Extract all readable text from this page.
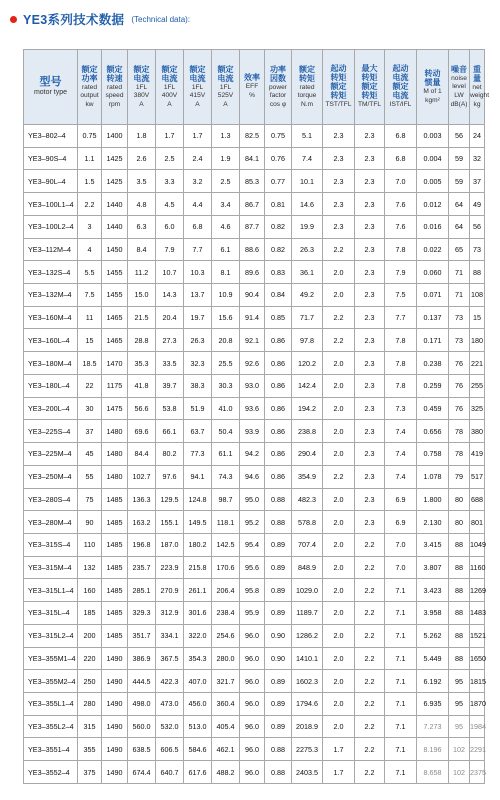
YE3系列技术数据 (Technical data):
型号
motor type	额定
功率
rated
output
kw	额定
转速
rated
speed
rpm	额定
电流
1FL
380V
A	额定
电流
1FL
400V
A	额定
电流
1FL
415V
A	额定
电流
1FL
525V
A	效率
EFF
%	功率
因数
power
factor
cos φ	额定
转矩
rated
torque
N.m	起动
转矩
额定
转矩
TST/TFL	最大
转矩
额定
转矩
TM/TFL	起动
电流
额定
电流
IST/IFL	转动
惯量
M of 1
kgm²	噪音
noise
level
LW
dB(A)	重量
net
weight
kg

YE3–802–4	0.75	1400	1.8	1.7	1.7	1.3	82.5	0.75	5.1	2.3	2.3	6.8	0.003	56	24
YE3–90S–4	1.1	1425	2.6	2.5	2.4	1.9	84.1	0.76	7.4	2.3	2.3	6.8	0.004	59	32
YE3–90L–4	1.5	1425	3.5	3.3	3.2	2.5	85.3	0.77	10.1	2.3	2.3	7.0	0.005	59	37
YE3–100L1–4	2.2	1440	4.8	4.5	4.4	3.4	86.7	0.81	14.6	2.3	2.3	7.6	0.012	64	49
YE3–100L2–4	3	1440	6.3	6.0	6.8	4.6	87.7	0.82	19.9	2.3	2.3	7.6	0.016	64	56
YE3–112M–4	4	1450	8.4	7.9	7.7	6.1	88.6	0.82	26.3	2.2	2.3	7.8	0.022	65	73
YE3–132S–4	5.5	1455	11.2	10.7	10.3	8.1	89.6	0.83	36.1	2.0	2.3	7.9	0.060	71	88
YE3–132M–4	7.5	1455	15.0	14.3	13.7	10.9	90.4	0.84	49.2	2.0	2.3	7.5	0.071	71	108
YE3–160M–4	11	1465	21.5	20.4	19.7	15.6	91.4	0.85	71.7	2.2	2.3	7.7	0.137	73	15
YE3–160L–4	15	1465	28.8	27.3	26.3	20.8	92.1	0.86	97.8	2.2	2.3	7.8	0.171	73	180
YE3–180M–4	18.5	1470	35.3	33.5	32.3	25.5	92.6	0.86	120.2	2.0	2.3	7.8	0.238	76	221
YE3–180L–4	22	1175	41.8	39.7	38.3	30.3	93.0	0.86	142.4	2.0	2.3	7.8	0.259	76	255
YE3–200L–4	30	1475	56.6	53.8	51.9	41.0	93.6	0.86	194.2	2.0	2.3	7.3	0.459	76	325
YE3–225S–4	37	1480	69.6	66.1	63.7	50.4	93.9	0.86	238.8	2.0	2.3	7.4	0.656	78	380
YE3–225M–4	45	1480	84.4	80.2	77.3	61.1	94.2	0.86	290.4	2.0	2.3	7.4	0.758	78	419
YE3–250M–4	55	1480	102.7	97.6	94.1	74.3	94.6	0.86	354.9	2.2	2.3	7.4	1.078	79	517
YE3–280S–4	75	1485	136.3	129.5	124.8	98.7	95.0	0.88	482.3	2.0	2.3	6.9	1.800	80	688
YE3–280M–4	90	1485	163.2	155.1	149.5	118.1	95.2	0.88	578.8	2.0	2.3	6.9	2.130	80	801
YE3–315S–4	110	1485	196.8	187.0	180.2	142.5	95.4	0.89	707.4	2.0	2.2	7.0	3.415	88	1049
YE3–315M–4	132	1485	235.7	223.9	215.8	170.6	95.6	0.89	848.9	2.0	2.2	7.0	3.807	88	1160
YE3–315L1–4	160	1485	285.1	270.9	261.1	206.4	95.8	0.89	1029.0	2.0	2.2	7.1	3.423	88	1269
YE3–315L–4	185	1485	329.3	312.9	301.6	238.4	95.9	0.89	1189.7	2.0	2.2	7.1	3.958	88	1483
YE3–315L2–4	200	1485	351.7	334.1	322.0	254.6	96.0	0.90	1286.2	2.0	2.2	7.1	5.262	88	1521
YE3–355M1–4	220	1490	386.9	367.5	354.3	280.0	96.0	0.90	1410.1	2.0	2.2	7.1	5.449	88	1650
YE3–355M2–4	250	1490	444.5	422.3	407.0	321.7	96.0	0.89	1602.3	2.0	2.2	7.1	6.192	95	1815
YE3–355L1–4	280	1490	498.0	473.0	456.0	360.4	96.0	0.89	1794.6	2.0	2.2	7.1	6.935	95	1870
YE3–355L2–4	315	1490	560.0	532.0	513.0	405.4	96.0	0.89	2018.9	2.0	2.2	7.1	7.273	95	1984
YE3–3551–4	355	1490	638.5	606.5	584.6	462.1	96.0	0.88	2275.3	1.7	2.2	7.1	8.196	102	2291
YE3–3552–4	375	1490	674.4	640.7	617.6	488.2	96.0	0.88	2403.5	1.7	2.2	7.1	8.658	102	2375
